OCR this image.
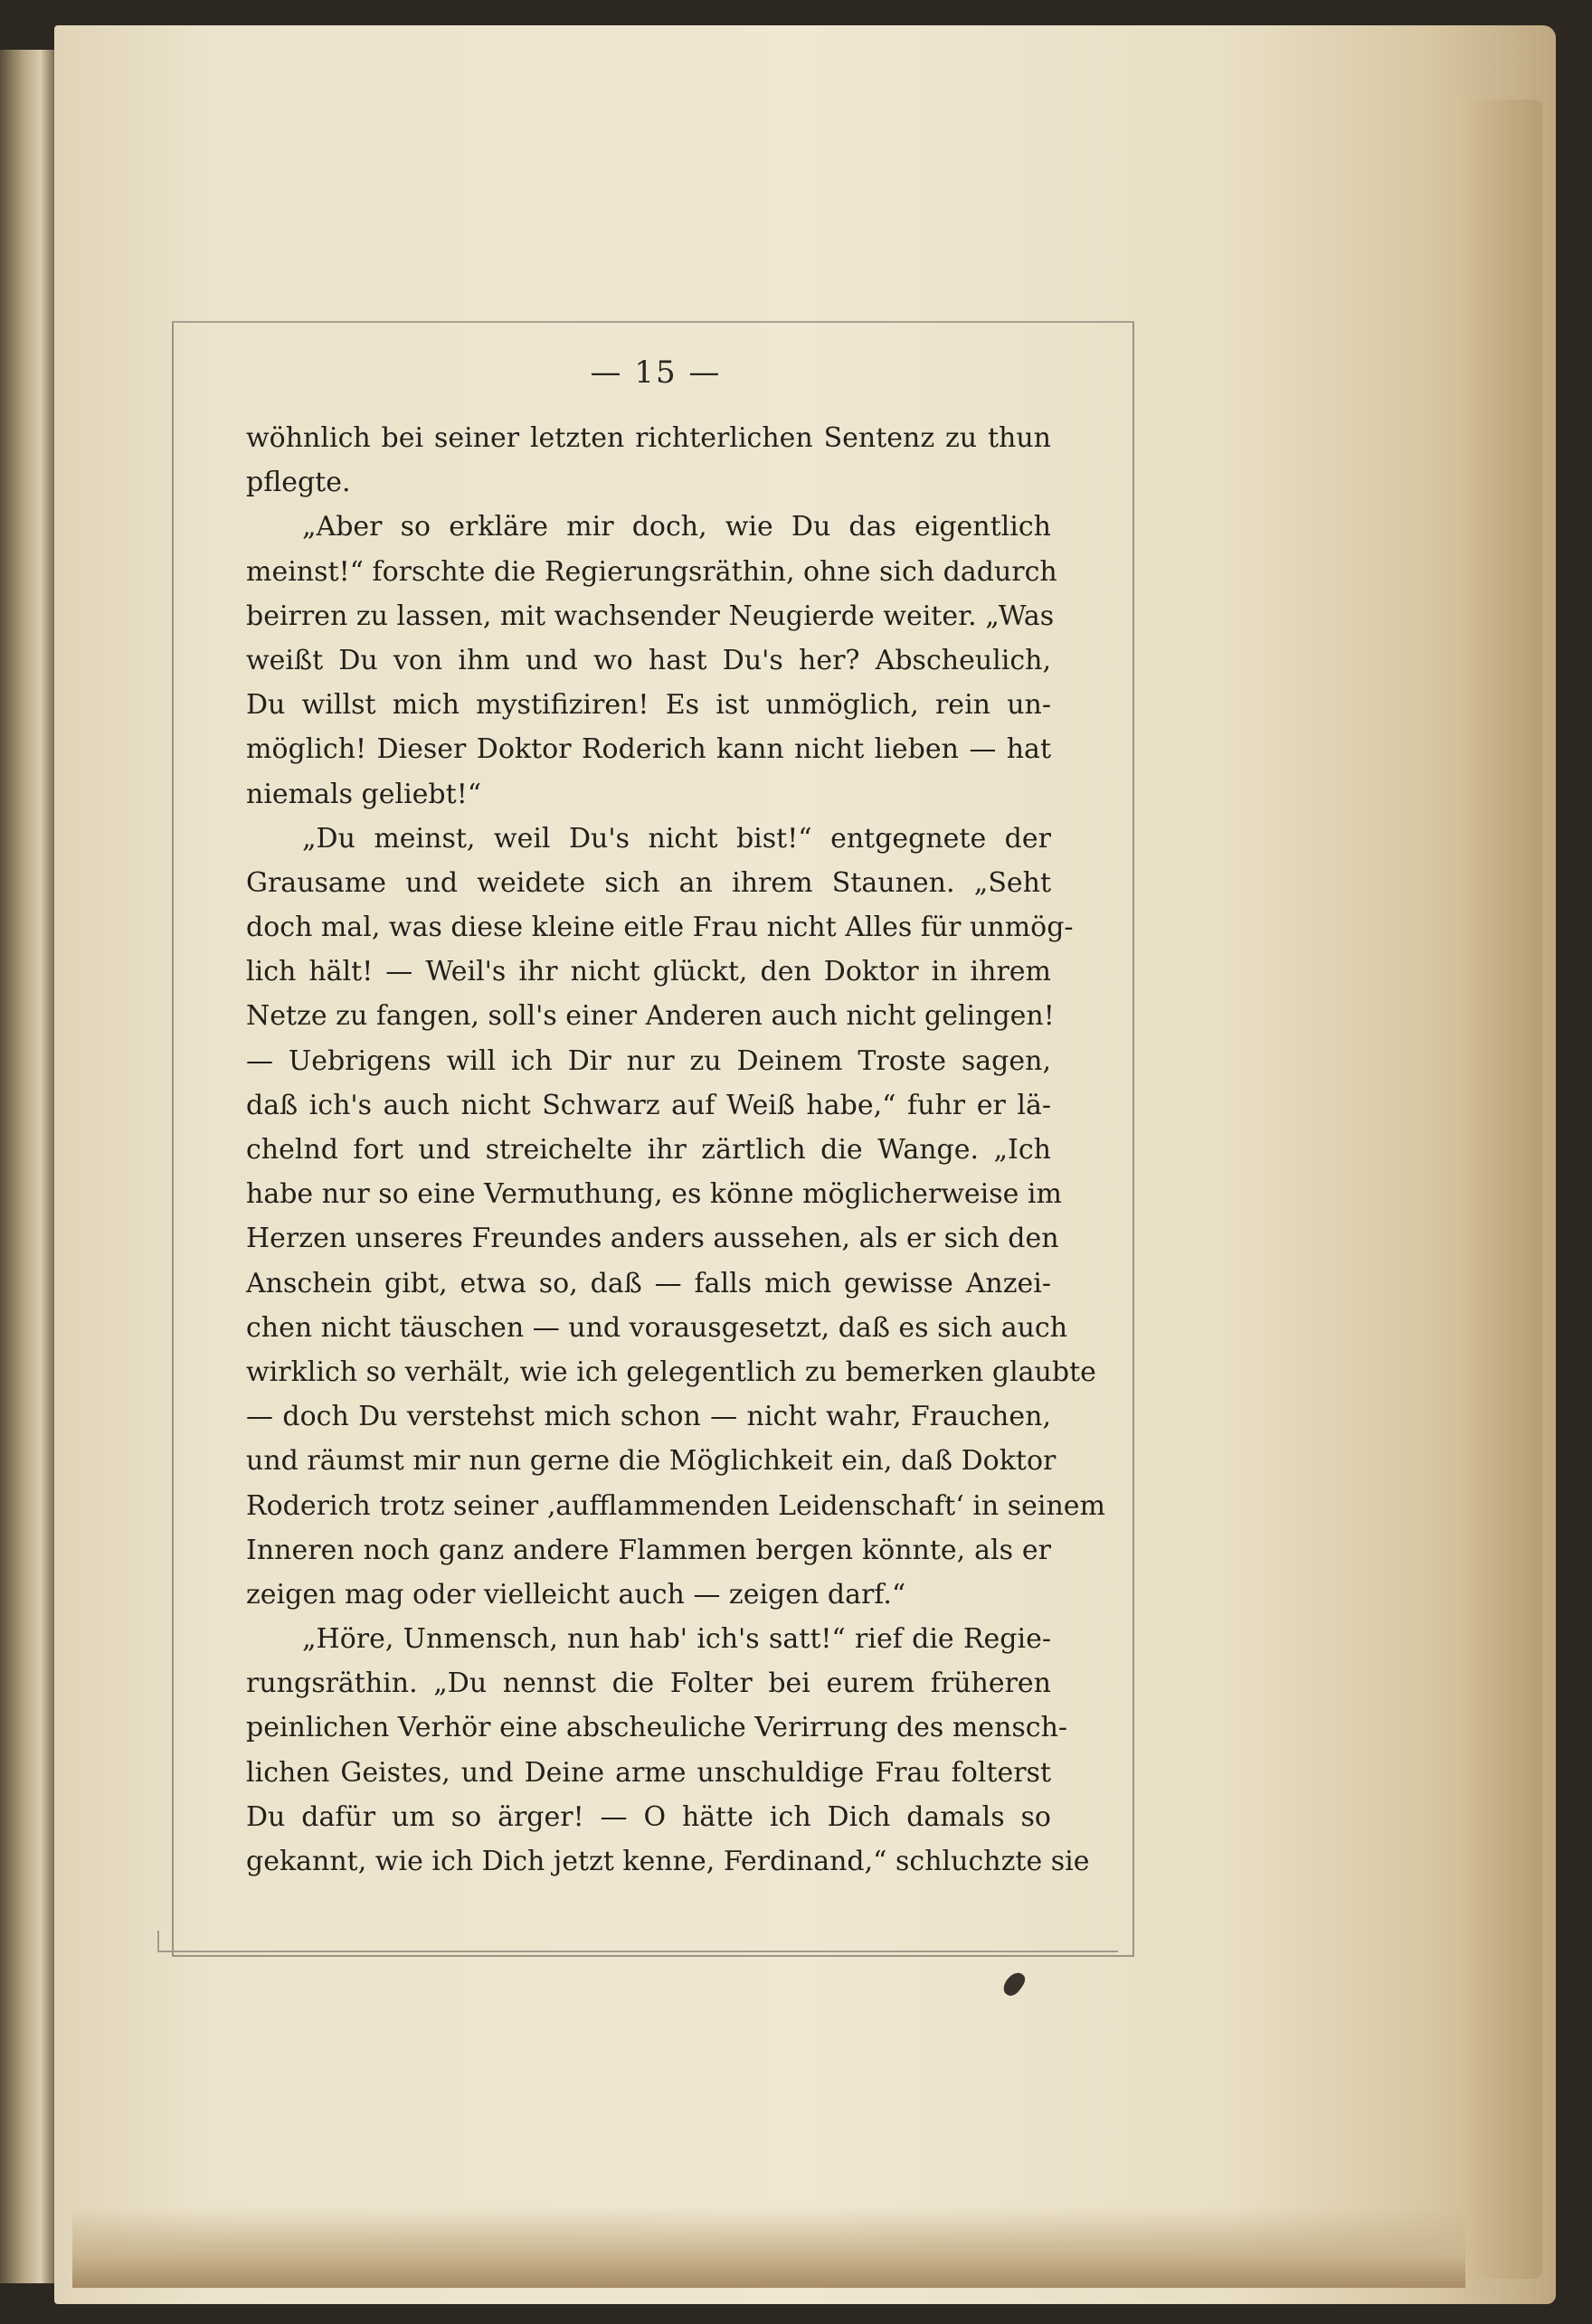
— 15 —
wöhnlich bei seiner letzten richterlichen Sentenz zu thun
pflegte.
„Aber so erkläre mir doch, wie Du das eigentlich
meinst!“ forschte die Regierungsräthin, ohne sich dadurch
beirren zu lassen, mit wachsender Neugierde weiter. „Was
weißt Du von ihm und wo hast Du's her? Abscheulich,
Du willst mich mystifiziren! Es ist unmöglich, rein un-
möglich! Dieser Doktor Roderich kann nicht lieben — hat
niemals geliebt!“
„Du meinst, weil Du's nicht bist!“ entgegnete der
Grausame und weidete sich an ihrem Staunen. „Seht
doch mal, was diese kleine eitle Frau nicht Alles für unmög-
lich hält! — Weil's ihr nicht glückt, den Doktor in ihrem
Netze zu fangen, soll's einer Anderen auch nicht gelingen!
— Uebrigens will ich Dir nur zu Deinem Troste sagen,
daß ich's auch nicht Schwarz auf Weiß habe,“ fuhr er lä-
chelnd fort und streichelte ihr zärtlich die Wange. „Ich
habe nur so eine Vermuthung, es könne möglicherweise im
Herzen unseres Freundes anders aussehen, als er sich den
Anschein gibt, etwa so, daß — falls mich gewisse Anzei-
chen nicht täuschen — und vorausgesetzt, daß es sich auch
wirklich so verhält, wie ich gelegentlich zu bemerken glaubte
— doch Du verstehst mich schon — nicht wahr, Frauchen,
und räumst mir nun gerne die Möglichkeit ein, daß Doktor
Roderich trotz seiner ‚aufflammenden Leidenschaft‘ in seinem
Inneren noch ganz andere Flammen bergen könnte, als er
zeigen mag oder vielleicht auch — zeigen darf.“
„Höre, Unmensch, nun hab' ich's satt!“ rief die Regie-
rungsräthin. „Du nennst die Folter bei eurem früheren
peinlichen Verhör eine abscheuliche Verirrung des mensch-
lichen Geistes, und Deine arme unschuldige Frau folterst
Du dafür um so ärger! — O hätte ich Dich damals so
gekannt, wie ich Dich jetzt kenne, Ferdinand,“ schluchzte sie
